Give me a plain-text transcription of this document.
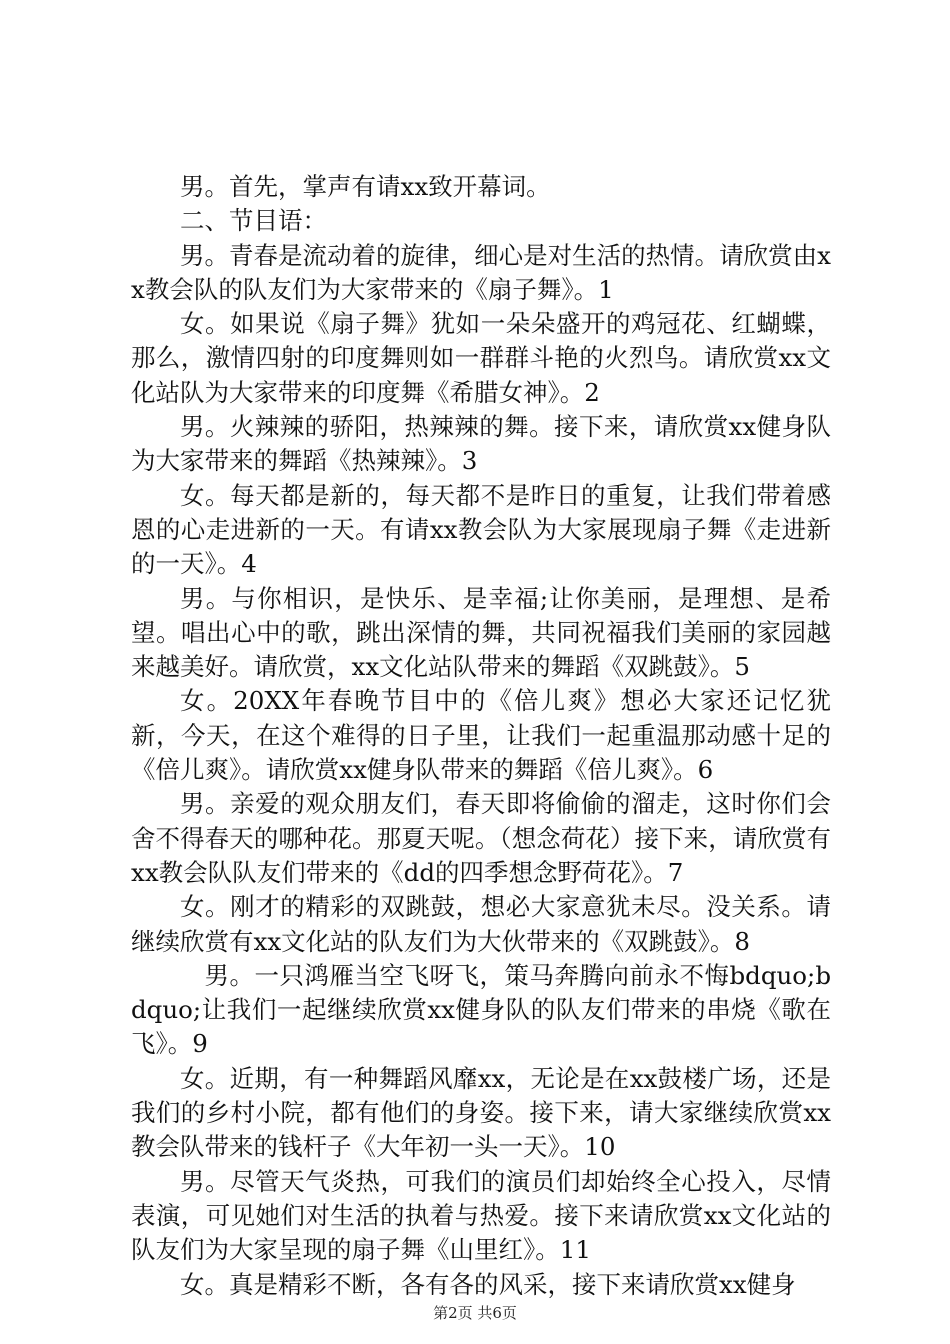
男。首先，掌声有请xx致开幕词。

二、节目语：

男。青春是流动着的旋律，细心是对生活的热情。请欣赏由xx教会队的队友们为大家带来的《扇子舞》。1

女。如果说《扇子舞》犹如一朵朵盛开的鸡冠花、红蝴蝶，那么，激情四射的印度舞则如一群群斗艳的火烈鸟。请欣赏xx文化站队为大家带来的印度舞《希腊女神》。2

男。火辣辣的骄阳，热辣辣的舞。接下来，请欣赏xx健身队为大家带来的舞蹈《热辣辣》。3

女。每天都是新的，每天都不是昨日的重复，让我们带着感恩的心走进新的一天。有请xx教会队为大家展现扇子舞《走进新的一天》。4

男。与你相识，是快乐、是幸福;让你美丽，是理想、是希望。唱出心中的歌，跳出深情的舞，共同祝福我们美丽的家园越来越美好。请欣赏，xx文化站队带来的舞蹈《双跳鼓》。5

女。20XX年春晚节目中的《倍儿爽》想必大家还记忆犹新，今天，在这个难得的日子里，让我们一起重温那动感十足的《倍儿爽》。请欣赏xx健身队带来的舞蹈《倍儿爽》。6

男。亲爱的观众朋友们，春天即将偷偷的溜走，这时你们会舍不得春天的哪种花。那夏天呢。（想念荷花）接下来，请欣赏有xx教会队队友们带来的《dd的四季想念野荷花》。7

女。刚才的精彩的双跳鼓，想必大家意犹未尽。没关系。请继续欣赏有xx文化站的队友们为大伙带来的《双跳鼓》。8

男。一只鸿雁当空飞呀飞，策马奔腾向前永不悔bdquo;bdquo;让我们一起继续欣赏xx健身队的队友们带来的串烧《歌在飞》。9

女。近期，有一种舞蹈风靡xx，无论是在xx鼓楼广场，还是我们的乡村小院，都有他们的身姿。接下来，请大家继续欣赏xx教会队带来的钱杆子《大年初一头一天》。10

男。尽管天气炎热，可我们的演员们却始终全心投入，尽情表演，可见她们对生活的执着与热爱。接下来请欣赏xx文化站的队友们为大家呈现的扇子舞《山里红》。11

女。真是精彩不断，各有各的风采，接下来请欣赏xx健身

第2页 共6页
